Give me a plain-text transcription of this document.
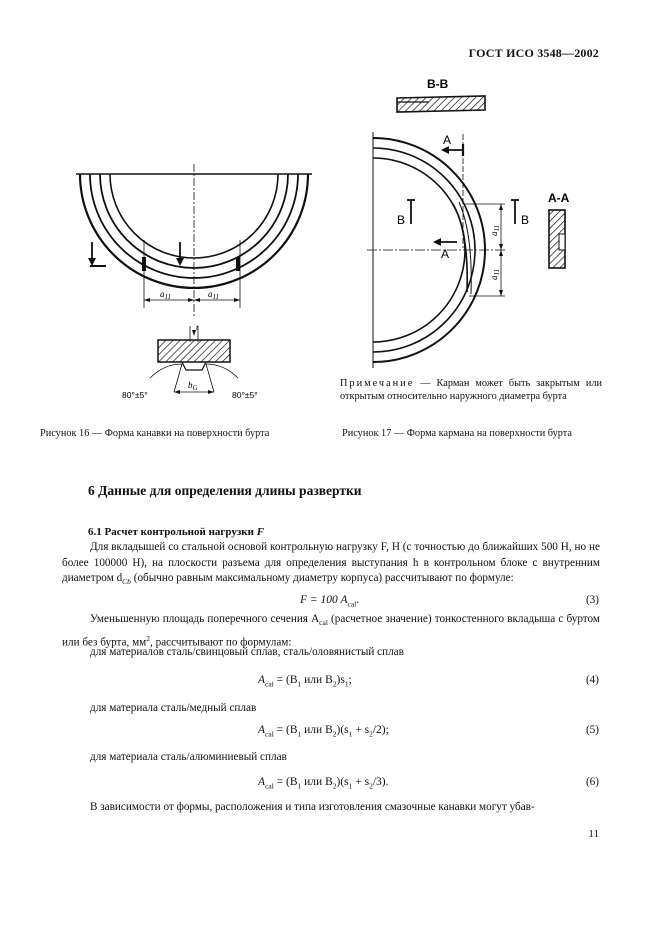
ГОСТ ИСО 3548—2002
$a_{11}$	$a_{11}$
t
$b_G$
80°±5°	80°±5°
B-B
A
A
B	B
$a_{11}$
$a_{11}$
A-A
Примечание — Карман может быть закрытым или открытым относительно наружного диаметра бурта
Рисунок 16 — Форма канавки на поверхности бурта	Рисунок 17 — Форма кармана на поверхности бурта
6 Данные для определения длины развертки
6.1 Расчет контрольной нагрузки F
Для вкладышей со стальной основой контрольную нагрузку F, Н (с точностью до ближайших 500 Н, но не более 100000 Н), на плоскости разъема для определения выступания h в контрольном блоке с внутренним диаметром $d_{Cb}$ (обычно равным максимальному диаметру корпуса) рассчитывают по формуле:
F = 100 $A_{cal}$.	(3)
Уменьшенную площадь поперечного сечения $A_{cal}$ (расчетное значение) тонкостенного вкладыша с буртом или без бурта, $мм^2$, рассчитывают по формулам:
для материалов сталь/свинцовый сплав, сталь/оловянистый сплав
$A_{cal} = (B_1$ или $B_2)s_1$;	(4)
для материала сталь/медный сплав
$A_{cal} = (B_1$ или $B_2)(s_1 + s_2/2)$;	(5)
для материала сталь/алюминиевый сплав
$A_{cal} = (B_1$ или $B_2)(s_1 + s_2/3)$.	(6)
В зависимости от формы, расположения и типа изготовления смазочные канавки могут убав-
11
